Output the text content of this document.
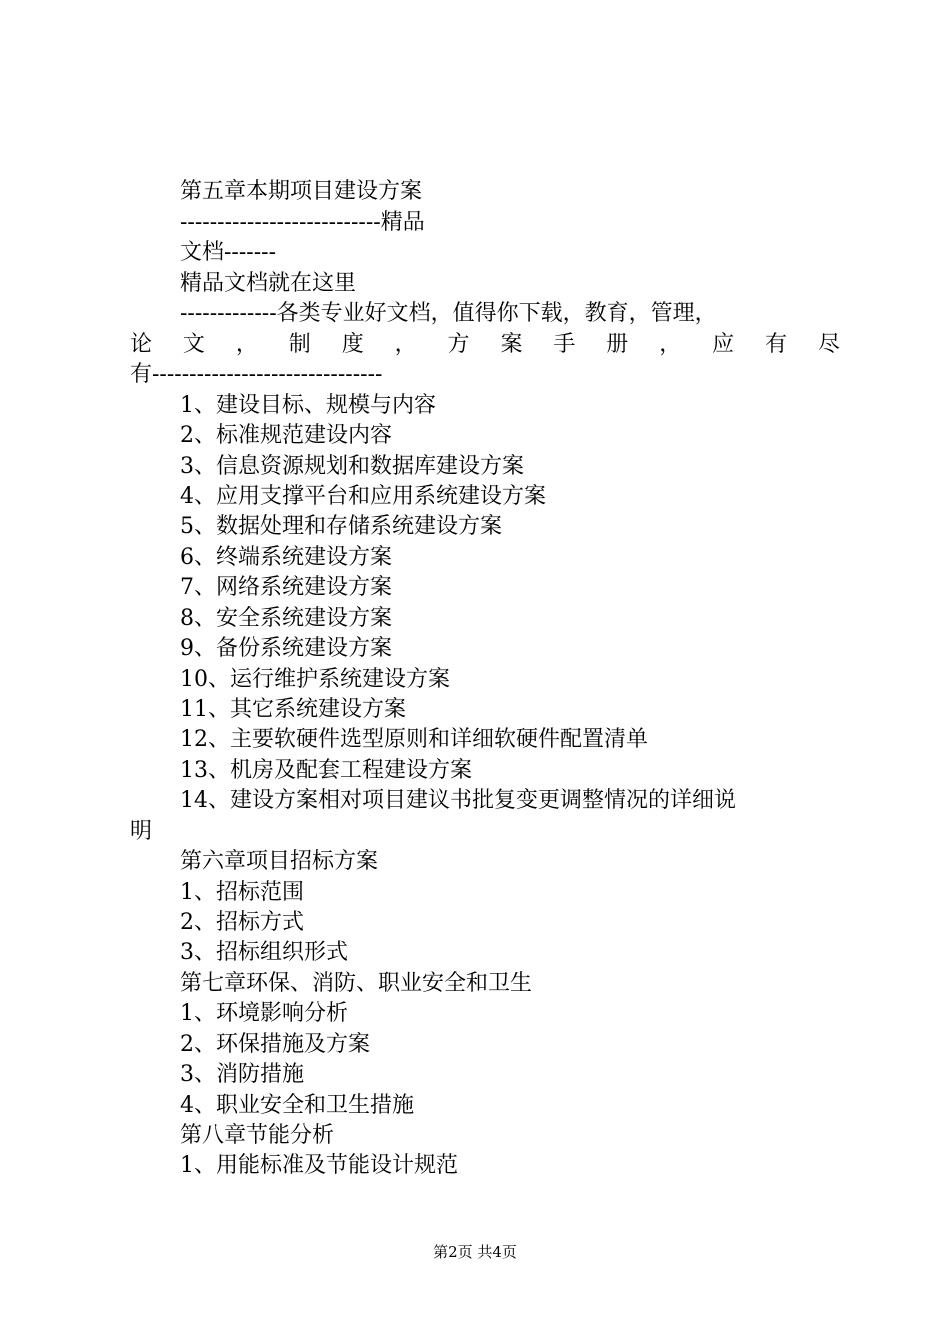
第五章本期项目建设方案
---------------------------精品
文档-------
精品文档就在这里
-------------各类专业好文档，值得你下载，教育，管理，
论 文 ， 制 度 ， 方 案 手 册 ， 应 有 尽
有-------------------------------
1、建设目标、规模与内容
2、标准规范建设内容
3、信息资源规划和数据库建设方案
4、应用支撑平台和应用系统建设方案
5、数据处理和存储系统建设方案
6、终端系统建设方案
7、网络系统建设方案
8、安全系统建设方案
9、备份系统建设方案
10、运行维护系统建设方案
11、其它系统建设方案
12、主要软硬件选型原则和详细软硬件配置清单
13、机房及配套工程建设方案
14、建设方案相对项目建议书批复变更调整情况的详细说
明
第六章项目招标方案
1、招标范围
2、招标方式
3、招标组织形式
第七章环保、消防、职业安全和卫生
1、环境影响分析
2、环保措施及方案
3、消防措施
4、职业安全和卫生措施
第八章节能分析
1、用能标准及节能设计规范
第2页 共4页
